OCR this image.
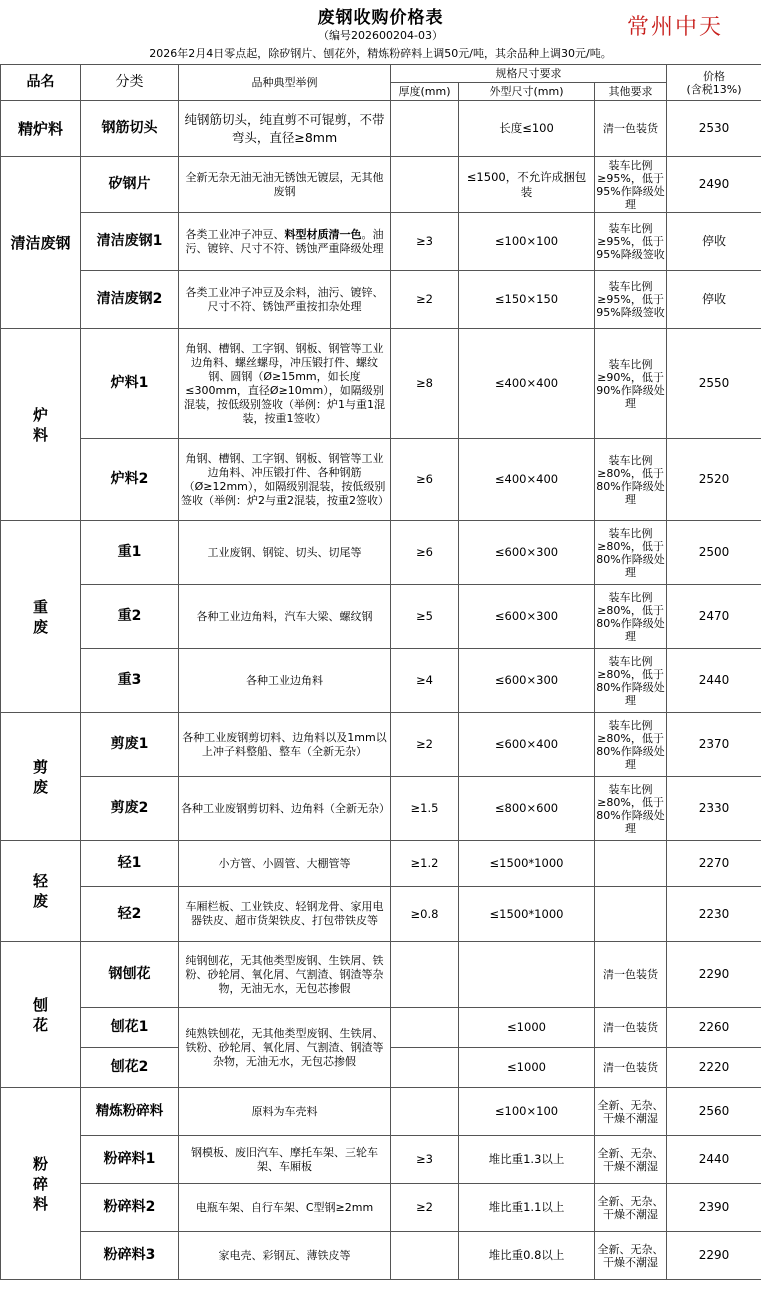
废钢收购价格表
（编号202600204-03）
2026年2月4日零点起，除矽钢片、刨花外，精炼粉碎料上调50元/吨，其余品种上调30元/吨。
常州中天
品名	分类	品种典型举例	规格尺寸要求			价格
(含税13%)
			厚度(mm)	外型尺寸(mm)	其他要求	
精炉料	钢筋切头	纯钢筋切头，纯直剪不可锟剪，不带弯头，直径≥8mm		长度≤100	清一色装货	2530
清洁废钢	矽钢片	全新无杂无油无油无锈蚀无镀层，无其他废钢		≤1500，不允许成捆包装	装车比例≥95%，低于95%作降级处理	2490
	清洁废钢1	各类工业冲子冲豆、料型材质清一色。油污、镀锌、尺寸不符、锈蚀严重降级处理	≥3	≤100×100	装车比例≥95%，低于95%降级签收	停收
	清洁废钢2	各类工业冲子冲豆及余料，油污、镀锌、尺寸不符、锈蚀严重按扣杂处理	≥2	≤150×150	装车比例≥95%，低于95%降级签收	停收
炉料	炉料1	角钢、槽钢、工字钢、钢板、钢管等工业边角料、螺丝螺母，冲压锻打件、螺纹钢、圆钢（Ø≥15mm，如长度≤300mm，直径Ø≥10mm），如隔级别混装，按低级别签收（举例：炉1与重1混装，按重1签收）	≥8	≤400×400	装车比例≥90%，低于90%作降级处理	2550
	炉料2	角钢、槽钢、工字钢、钢板、钢管等工业边角料、冲压锻打件、各种钢筋（Ø≥12mm），如隔级别混装，按低级别签收（举例：炉2与重2混装，按重2签收）	≥6	≤400×400	装车比例≥80%，低于80%作降级处理	2520
重废	重1	工业废钢、钢锭、切头、切尾等	≥6	≤600×300	装车比例≥80%，低于80%作降级处理	2500
	重2	各种工业边角料，汽车大梁、螺纹钢	≥5	≤600×300	装车比例≥80%，低于80%作降级处理	2470
	重3	各种工业边角料	≥4	≤600×300	装车比例≥80%，低于80%作降级处理	2440
剪废	剪废1	各种工业废钢剪切料、边角料以及1mm以上冲子料整船、整车（全新无杂）	≥2	≤600×400	装车比例≥80%，低于80%作降级处理	2370
	剪废2	各种工业废钢剪切料、边角料（全新无杂）	≥1.5	≤800×600	装车比例≥80%，低于80%作降级处理	2330
轻废	轻1	小方管、小圆管、大棚管等	≥1.2	≤1500*1000		2270
	轻2	车厢栏板、工业铁皮、轻钢龙骨、家用电器铁皮、超市货架铁皮、打包带铁皮等	≥0.8	≤1500*1000		2230
刨花	钢刨花	纯钢刨花，无其他类型废钢、生铁屑、铁粉、砂轮屑、氧化屑、气割渣、钢渣等杂物，无油无水，无包芯掺假			清一色装货	2290
	刨花1	纯熟铁刨花，无其他类型废钢、生铁屑、铁粉、砂轮屑、氧化屑、气割渣、钢渣等杂物，无油无水，无包芯掺假		≤1000	清一色装货	2260
	刨花2			≤1000	清一色装货	2220
粉碎料	精炼粉碎料	原料为车壳料		≤100×100	全新、无杂、干燥不潮湿	2560
	粉碎料1	钢模板、废旧汽车、摩托车架、三轮车架、车厢板	≥3	堆比重1.3以上	全新、无杂、干燥不潮湿	2440
	粉碎料2	电瓶车架、自行车架、C型钢≥2mm	≥2	堆比重1.1以上	全新、无杂、干燥不潮湿	2390
	粉碎料3	家电壳、彩钢瓦、薄铁皮等		堆比重0.8以上	全新、无杂、干燥不潮湿	2290
